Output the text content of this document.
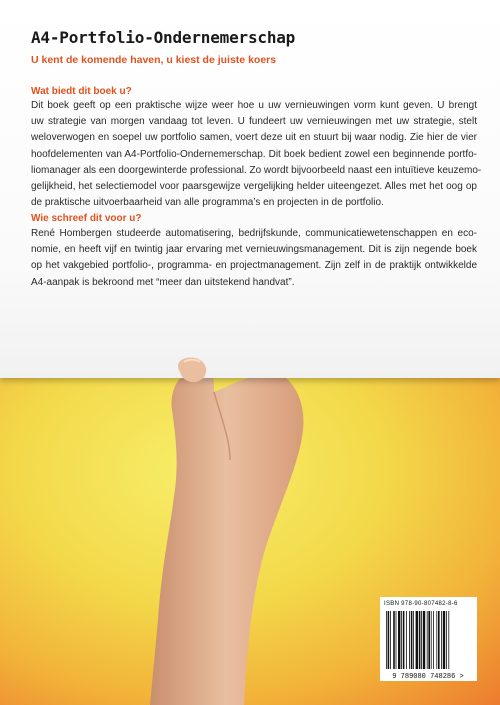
A4-Portfolio-Ondernemerschap

U kent de komende haven, u kiest de juiste koers

Wat biedt dit boek u?

Dit boek geeft op een praktische wijze weer hoe u uw vernieuwingen vorm kunt geven. U brengt
uw strategie van morgen vandaag tot leven. U fundeert uw vernieuwingen met uw strategie, stelt
weloverwogen en soepel uw portfolio samen, voert deze uit en stuurt bij waar nodig. Zie hier de vier
hoofdelementen van A4-Portfolio-Ondernemerschap. Dit boek bedient zowel een beginnende portfo-
liomanager als een doorgewinterde professional. Zo wordt bijvoorbeeld naast een intuïtieve keuzemo-
gelijkheid, het selectiemodel voor paarsgewijze vergelijking helder uiteengezet. Alles met het oog op
de praktische uitvoerbaarheid van alle programma’s en projecten in de portfolio.

Wie schreef dit voor u?

René Hombergen studeerde automatisering, bedrijfskunde, communicatiewetenschappen en eco-
nomie, en heeft vijf en twintig jaar ervaring met vernieuwingsmanagement. Dit is zijn negende boek
op het vakgebied portfolio-, programma- en projectmanagement. Zijn zelf in de praktijk ontwikkelde
A4-aanpak is bekroond met “meer dan uitstekend handvat”.

ISBN 978-90-807482-8-6
9 789080 748286 >
